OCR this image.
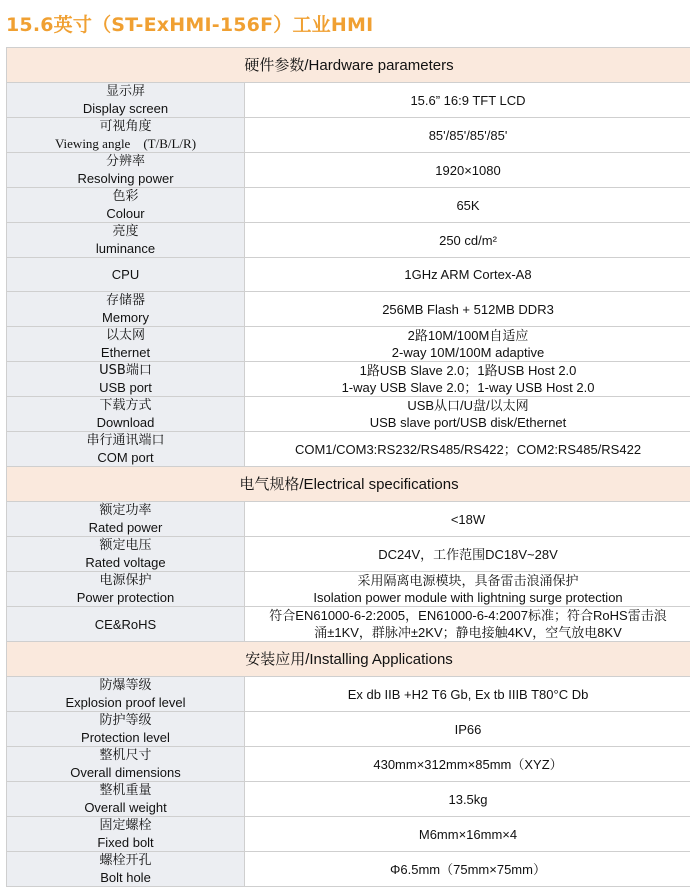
15.6英寸（ST-ExHMI-156F）工业HMI
硬件参数/Hardware parameters	

显示屏
Display screen	15.6” 16:9 TFT LCD

可视角度
Viewing angle　(T/B/L/R)	85'/85'/85'/85'

分辨率
Resolving power	1920×1080

色彩
Colour	65K

亮度
luminance	250 cd/m²

CPU	1GHz ARM Cortex-A8

存储器
Memory	256MB Flash + 512MB DDR3

以太网
Ethernet	2路10M/100M自适应
2-way 10M/100M adaptive

USB端口
USB port	1路USB Slave 2.0；1路USB Host 2.0
1-way USB Slave 2.0；1-way USB Host 2.0

下载方式
Download	USB从口/U盘/以太网
USB slave port/USB disk/Ethernet

串行通讯端口
COM port	COM1/COM3:RS232/RS485/RS422；COM2:RS485/RS422

电气规格/Electrical specifications	

额定功率
Rated power	<18W

额定电压
Rated voltage	DC24V，工作范围DC18V~28V

电源保护
Power protection	采用隔离电源模块，具备雷击浪涌保护
Isolation power module with lightning surge protection

CE&RoHS	符合EN61000-6-2:2005，EN61000-6-4:2007标准；符合RoHS雷击浪
涌±1KV，群脉冲±2KV；静电接触4KV，空气放电8KV

安装应用/Installing Applications	

防爆等级
Explosion proof level	Ex db IIB +H2 T6 Gb, Ex tb IIIB T80°C Db

防护等级
Protection level	IP66

整机尺寸
Overall dimensions	430mm×312mm×85mm（XYZ）

整机重量
Overall weight	13.5kg

固定螺栓
Fixed bolt	M6mm×16mm×4

螺栓开孔
Bolt hole	Φ6.5mm（75mm×75mm）
